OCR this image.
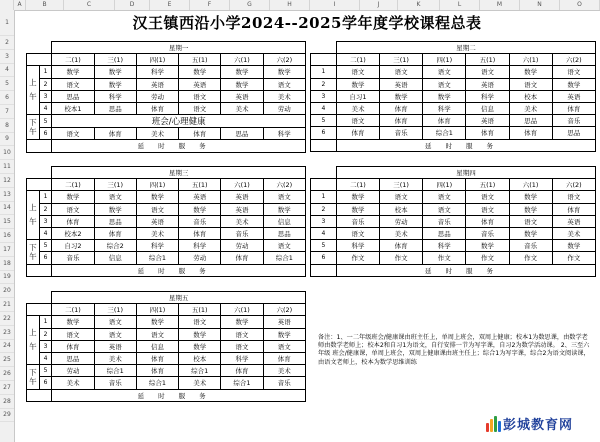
A	B	C	D	E	F	G	H	I	J	K	L	M	N	O
1
2
3
4
5
6
7
8
9
10
11
12
13
14
15
16
17
18
19
20
21
22
23
24
25
26
27
28
29
汉王镇西沿小学2024--2025学年度学校课程总表
		星期一					
		二(1)	三(1)	四(1)	五(1)	六(1)	六(2)
上午	1	数学	数学	科学	数学	数学	数学
	2	语文	数学	英语	英语	数学	语文
	3	思品	科学	劳动	语文	英语	美术
	4	校本1	思品	体育	语文	美术	劳动
下午	5	班会/心理健康					
	6	语文	体育	美术	体育	思品	科学
		延时服务					
	星期二					
	二(1)	三(1)	四(1)	五(1)	六(1)	六(2)
1	语文	语文	语文	语文	数学	语文
2	数学	英语	语文	英语	语文	数学
3	自习1	数学	数学	科学	校本	英语
4	美术	体育	科学	信息	美术	体育
5	语文	体育	体育	英语	思品	音乐
6	体育	音乐	综合1	体育	体育	思品
	延时服务					
		星期三					
		二(1)	三(1)	四(1)	五(1)	六(1)	六(2)
上午	1	数学	语文	数学	英语	英语	语文
	2	语文	数学	语文	数学	英语	数学
	3	体育	思品	英语	音乐	美术	信息
	4	校本2	体育	美术	体育	音乐	思品
下午	5	自习2	综合2	科学	科学	劳动	语文
	6	音乐	信息	综合1	劳动	体育	综合1
		延时服务					
	星期四					
	二(1)	三(1)	四(1)	五(1)	六(1)	六(2)
1	数学	语文	语文	语文	数学	语文
2	数学	校本	语文	语文	数学	体育
3	音乐	劳动	音乐	体育	语文	英语
4	语文	美术	思品	音乐	数学	美术
5	科学	体育	科学	数学	音乐	数学
6	作文	作文	作文	作文	作文	作文
	延时服务					
		星期五					
		二(1)	三(1)	四(1)	五(1)	六(1)	六(2)
上午	1	数学	语文	数学	语文	数学	英语
	2	语文	语文	语文	数学	语文	数学
	3	体育	英语	信息	数学	语文	语文
	4	思品	美术	体育	校本	科学	体育
下午	5	劳动	综合1	体育	综合1	体育	美术
	6	美术	音乐	综合1	美术	综合1	音乐
		延时服务					
备注：1、一二年级班会/健康课由班主任上，单周上班会，双周上健康；校本1为数思课，由数学老师由数学老师上；校本2和自习1为语文，自行安排一节为写字课，自习2为数学活动课。 2、三至六年级 班会/健康课，单周上班会，双周上健康课由班主任上；综合1为写字课，综合2为语文阅读课，由语文老师上，校本为数学思维训练
彭城教育网
